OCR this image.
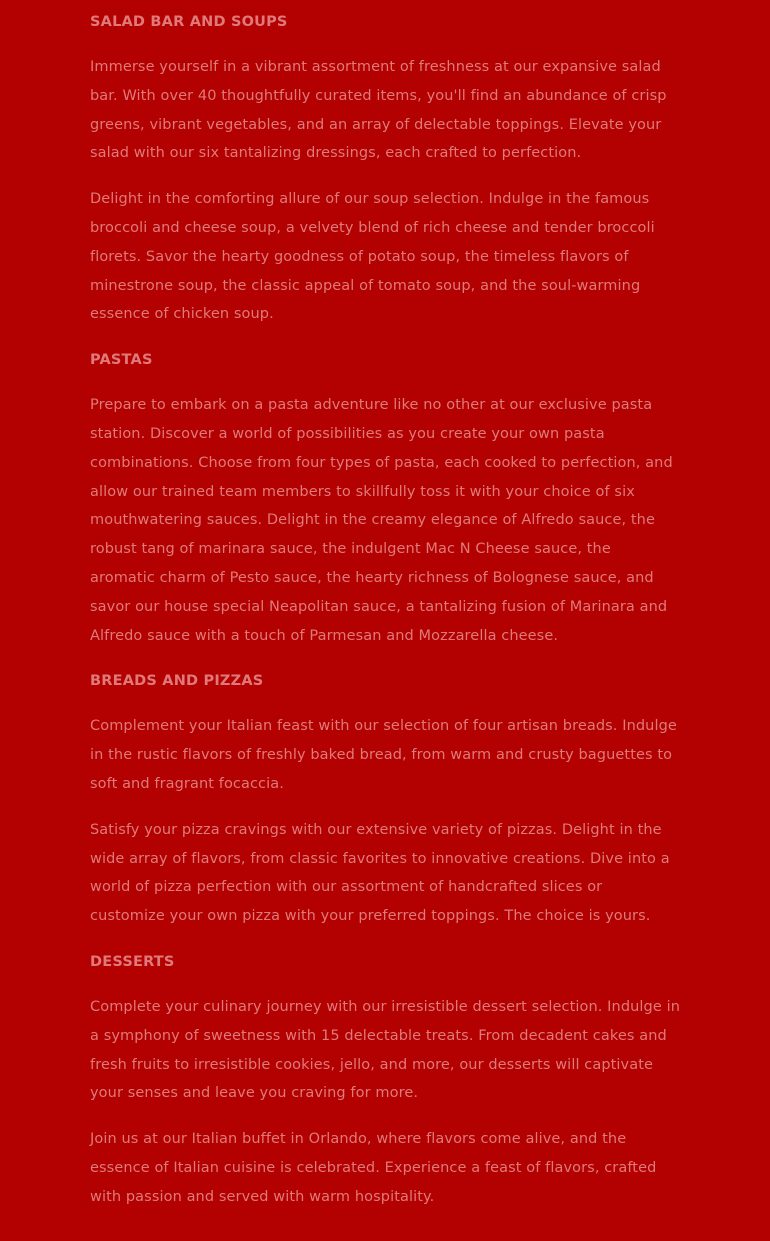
SALAD BAR AND SOUPS

Immerse yourself in a vibrant assortment of freshness at our expansive salad bar. With over 40 thoughtfully curated items, you'll find an abundance of crisp greens, vibrant vegetables, and an array of delectable toppings. Elevate your salad with our six tantalizing dressings, each crafted to perfection.

Delight in the comforting allure of our soup selection. Indulge in the famous broccoli and cheese soup, a velvety blend of rich cheese and tender broccoli florets. Savor the hearty goodness of potato soup, the timeless flavors of minestrone soup, the classic appeal of tomato soup, and the soul-warming essence of chicken soup.

PASTAS

Prepare to embark on a pasta adventure like no other at our exclusive pasta station. Discover a world of possibilities as you create your own pasta combinations. Choose from four types of pasta, each cooked to perfection, and allow our trained team members to skillfully toss it with your choice of six mouthwatering sauces. Delight in the creamy elegance of Alfredo sauce, the robust tang of marinara sauce, the indulgent Mac N Cheese sauce, the aromatic charm of Pesto sauce, the hearty richness of Bolognese sauce, and savor our house special Neapolitan sauce, a tantalizing fusion of Marinara and Alfredo sauce with a touch of Parmesan and Mozzarella cheese.

BREADS AND PIZZAS

Complement your Italian feast with our selection of four artisan breads. Indulge in the rustic flavors of freshly baked bread, from warm and crusty baguettes to soft and fragrant focaccia.

Satisfy your pizza cravings with our extensive variety of pizzas. Delight in the wide array of flavors, from classic favorites to innovative creations. Dive into a world of pizza perfection with our assortment of handcrafted slices or customize your own pizza with your preferred toppings. The choice is yours.

DESSERTS

Complete your culinary journey with our irresistible dessert selection. Indulge in a symphony of sweetness with 15 delectable treats. From decadent cakes and fresh fruits to irresistible cookies, jello, and more, our desserts will captivate your senses and leave you craving for more.

Join us at our Italian buffet in Orlando, where flavors come alive, and the essence of Italian cuisine is celebrated. Experience a feast of flavors, crafted with passion and served with warm hospitality.
